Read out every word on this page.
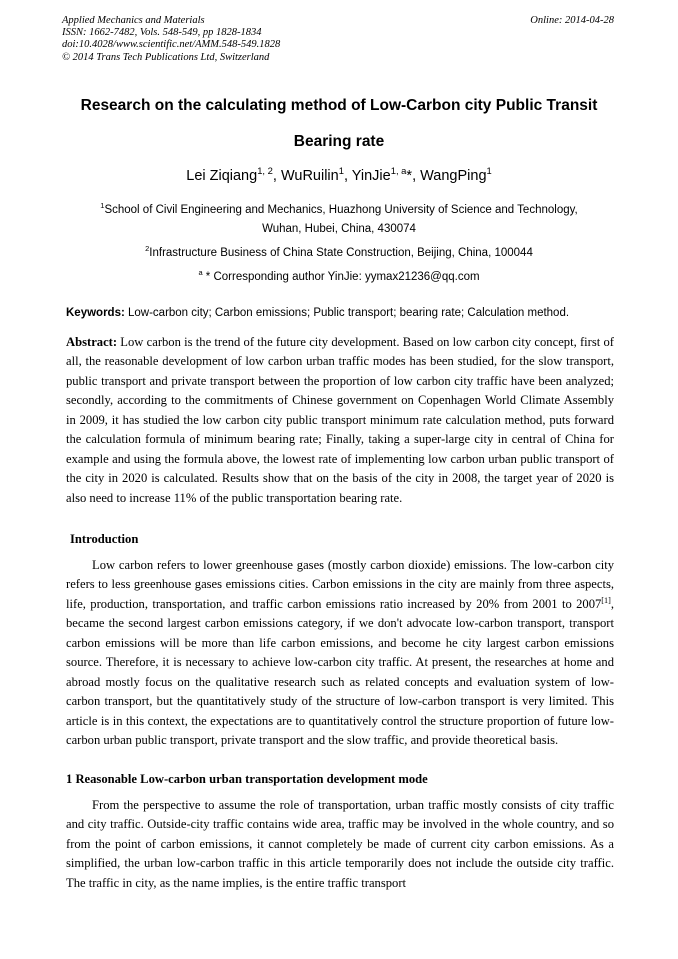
Applied Mechanics and Materials
ISSN: 1662-7482, Vols. 548-549, pp 1828-1834
doi:10.4028/www.scientific.net/AMM.548-549.1828
© 2014 Trans Tech Publications Ltd, Switzerland
Online: 2014-04-28
Research on the calculating method of Low-Carbon city Public Transit
Bearing rate
Lei Ziqiang$^{1, 2}$, WuRuilin$^1$, YinJie$^{1, a}$*, WangPing$^1$
$^1$School of Civil Engineering and Mechanics, Huazhong University of Science and Technology,
Wuhan, Hubei, China, 430074
$^2$Infrastructure Business of China State Construction, Beijing, China, 100044
$^a$ * Corresponding author YinJie: yymax21236@qq.com
Keywords: Low-carbon city; Carbon emissions; Public transport; bearing rate; Calculation method.
Abstract: Low carbon is the trend of the future city development. Based on low carbon city concept, first of all, the reasonable development of low carbon urban traffic modes has been studied, for the slow transport, public transport and private transport between the proportion of low carbon city traffic have been analyzed; secondly, according to the commitments of Chinese government on Copenhagen World Climate Assembly in 2009, it has studied the low carbon city public transport minimum rate calculation method, puts forward the calculation formula of minimum bearing rate; Finally, taking a super-large city in central of China for example and using the formula above, the lowest rate of implementing low carbon urban public transport of the city in 2020 is calculated. Results show that on the basis of the city in 2008, the target year of 2020 is also need to increase 11% of the public transportation bearing rate.
Introduction
Low carbon refers to lower greenhouse gases (mostly carbon dioxide) emissions. The low-carbon city refers to less greenhouse gases emissions cities. Carbon emissions in the city are mainly from three aspects, life, production, transportation, and traffic carbon emissions ratio increased by 20% from 2001 to 2007[1], became the second largest carbon emissions category, if we don't advocate low-carbon transport, transport carbon emissions will be more than life carbon emissions, and become he city largest carbon emissions source. Therefore, it is necessary to achieve low-carbon city traffic. At present, the researches at home and abroad mostly focus on the qualitative research such as related concepts and evaluation system of low-carbon transport, but the quantitatively study of the structure of low-carbon transport is very limited. This article is in this context, the expectations are to quantitatively control the structure proportion of future low-carbon urban public transport, private transport and the slow traffic, and provide theoretical basis.
1 Reasonable Low-carbon urban transportation development mode
From the perspective to assume the role of transportation, urban traffic mostly consists of city traffic and city traffic. Outside-city traffic contains wide area, traffic may be involved in the whole country, and so from the point of carbon emissions, it cannot completely be made of current city carbon emissions. As a simplified, the urban low-carbon traffic in this article temporarily does not include the outside city traffic. The traffic in city, as the name implies, is the entire traffic transport
